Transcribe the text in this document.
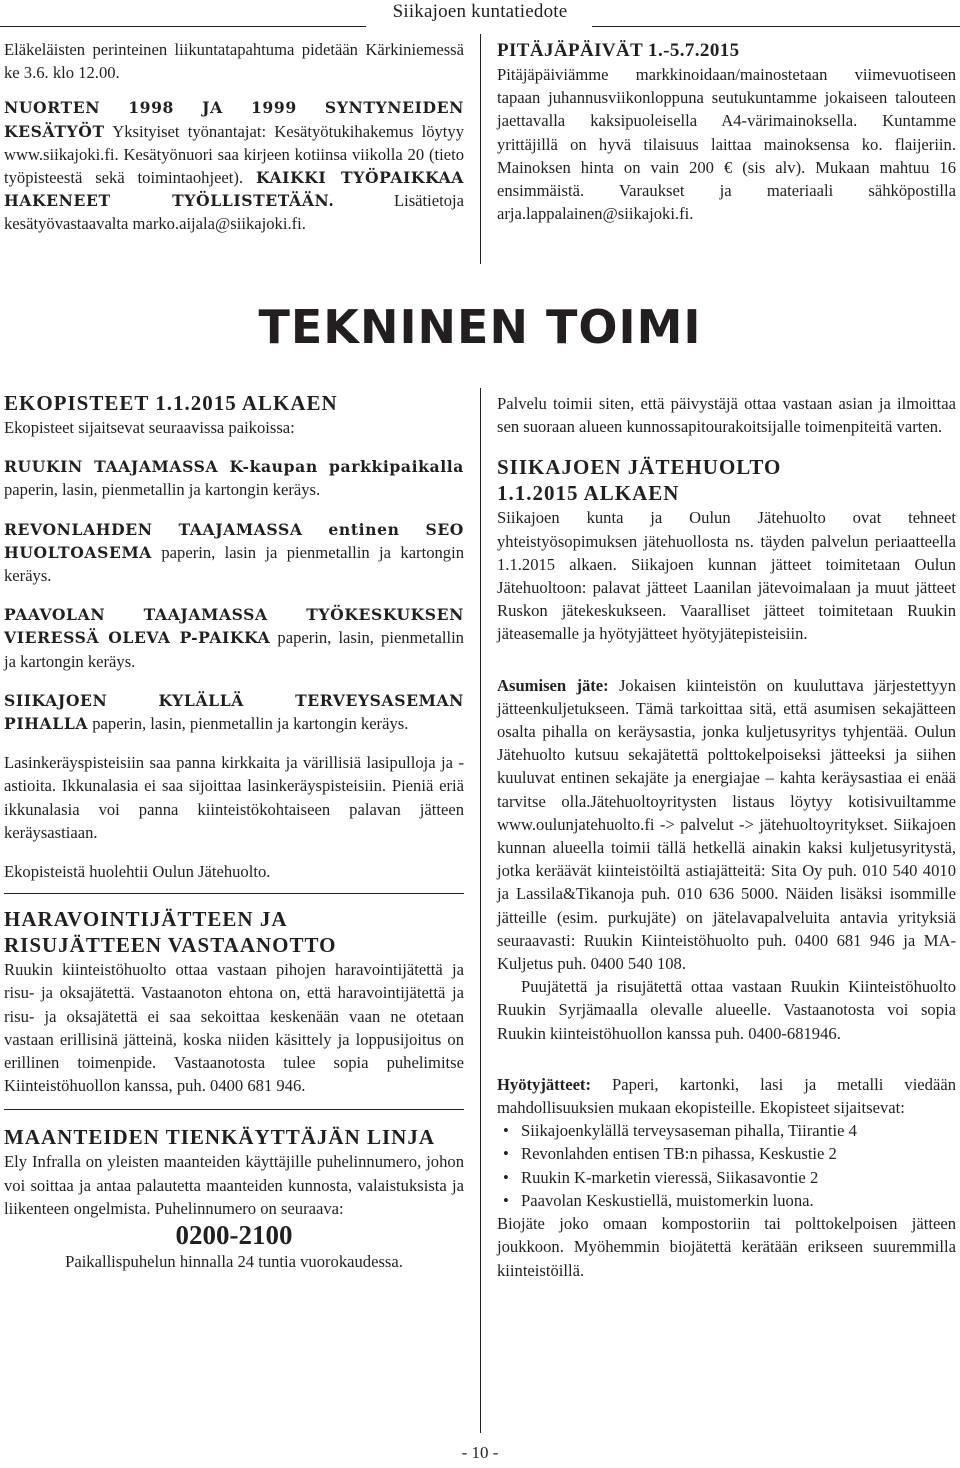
Siikajoen kuntatiedote

Eläkeläisten perinteinen liikuntatapahtuma pidetään Kärkiniemessä ke 3.6. klo 12.00.

NUORTEN 1998 JA 1999 SYNTYNEIDEN KESÄTYÖT Yksityiset työnantajat: Kesätyötukihakemus löytyy www.siikajoki.fi. Kesätyönuori saa kirjeen kotiinsa viikolla 20 (tieto työpisteestä sekä toimintaohjeet). KAIKKI TYÖPAIKKAA HAKENEET TYÖLLISTETÄÄN. Lisätietoja kesätyövastaavalta marko.aijala@siikajoki.fi.

PITÄJÄPÄIVÄT 1.-5.7.2015

Pitäjäpäiviämme markkinoidaan/mainostetaan viimevuotiseen tapaan juhannusviikonloppuna seutukuntamme jokaiseen talouteen jaettavalla kaksipuoleisella A4-värimainoksella. Kuntamme yrittäjillä on hyvä tilaisuus laittaa mainoksensa ko. flaijeriin. Mainoksen hinta on vain 200 € (sis alv). Mukaan mahtuu 16 ensimmäistä. Varaukset ja materiaali sähköpostilla arja.lappalainen@siikajoki.fi.

TEKNINEN TOIMI

EKOPISTEET 1.1.2015 ALKAEN

Ekopisteet sijaitsevat seuraavissa paikoissa:

RUUKIN TAAJAMASSA K-kaupan parkkipaikalla paperin, lasin, pienmetallin ja kartongin keräys.

REVONLAHDEN TAAJAMASSA entinen SEO HUOLTOASEMA paperin, lasin ja pienmetallin ja kartongin keräys.

PAAVOLAN TAAJAMASSA TYÖKESKUKSEN VIERESSÄ OLEVA P-PAIKKA paperin, lasin, pienmetallin ja kartongin keräys.

SIIKAJOEN KYLÄLLÄ TERVEYSASEMAN PIHALLA paperin, lasin, pienmetallin ja kartongin keräys.

Lasinkeräyspisteisiin saa panna kirkkaita ja värillisiä lasipulloja ja -astioita. Ikkunalasia ei saa sijoittaa lasinkeräyspisteisiin. Pieniä eriä ikkunalasia voi panna kiinteistökohtaiseen palavan jätteen keräysastiaan.

Ekopisteistä huolehtii Oulun Jätehuolto.

HARAVOINTIJÄTTEEN JA

RISUJÄTTEEN VASTAANOTTO

Ruukin kiinteistöhuolto ottaa vastaan pihojen haravointijätettä ja risu- ja oksajätettä. Vastaanoton ehtona on, että haravointijätettä ja risu- ja oksajätettä ei saa sekoittaa keskenään vaan ne otetaan vastaan erillisinä jätteinä, koska niiden käsittely ja loppusijoitus on erillinen toimenpide. Vastaanotosta tulee sopia puhelimitse Kiinteistöhuollon kanssa, puh. 0400 681 946.

MAANTEIDEN TIENKÄYTTÄJÄN LINJA

Ely Infralla on yleisten maanteiden käyttäjille puhelinnumero, johon voi soittaa ja antaa palautetta maanteiden kunnosta, valaistuksista ja liikenteen ongelmista. Puhelinnumero on seuraava:

0200-2100

Paikallispuhelun hinnalla 24 tuntia vuorokaudessa.

Palvelu toimii siten, että päivystäjä ottaa vastaan asian ja ilmoittaa sen suoraan alueen kunnossapitourakoitsijalle toimenpiteitä varten.

SIIKAJOEN JÄTEHUOLTO

1.1.2015 ALKAEN

Siikajoen kunta ja Oulun Jätehuolto ovat tehneet yhteistyösopimuksen jätehuollosta ns. täyden palvelun periaatteella 1.1.2015 alkaen. Siikajoen kunnan jätteet toimitetaan Oulun Jätehuoltoon: palavat jätteet Laanilan jätevoimalaan ja muut jätteet Ruskon jätekeskukseen. Vaaralliset jätteet toimitetaan Ruukin jäteasemalle ja hyötyjätteet hyötyjätepisteisiin.

Asumisen jäte: Jokaisen kiinteistön on kuuluttava järjestettyyn jätteenkuljetukseen. Tämä tarkoittaa sitä, että asumisen sekajätteen osalta pihalla on keräysastia, jonka kuljetusyritys tyhjentää. Oulun Jätehuolto kutsuu sekajätettä polttokelpoiseksi jätteeksi ja siihen kuuluvat entinen sekajäte ja energiajae – kahta keräysastiaa ei enää tarvitse olla.Jätehuoltoyritysten listaus löytyy kotisivuiltamme www.oulunjatehuolto.fi -> palvelut -> jätehuoltoyritykset. Siikajoen kunnan alueella toimii tällä hetkellä ainakin kaksi kuljetusyritystä, jotka keräävät kiinteistöiltä astiajätteitä: Sita Oy puh. 010 540 4010 ja Lassila&Tikanoja puh. 010 636 5000. Näiden lisäksi isommille jätteille (esim. purkujäte) on jätelavapalveluita antavia yrityksiä seuraavasti: Ruukin Kiinteistöhuolto puh. 0400 681 946 ja MA-Kuljetus puh. 0400 540 108.

Puujätettä ja risujätettä ottaa vastaan Ruukin Kiinteistöhuolto Ruukin Syrjämaalla olevalle alueelle. Vastaanotosta voi sopia Ruukin kiinteistöhuollon kanssa puh. 0400-681946.

Hyötyjätteet: Paperi, kartonki, lasi ja metalli viedään mahdollisuuksien mukaan ekopisteille. Ekopisteet sijaitsevat:

• Siikajoenkylällä terveysaseman pihalla, Tiirantie 4
• Revonlahden entisen TB:n pihassa, Keskustie 2
• Ruukin K-marketin vieressä, Siikasavontie 2
• Paavolan Keskustiellä, muistomerkin luona.

Biojäte joko omaan kompostoriin tai polttokelpoisen jätteen joukkoon. Myöhemmin biojätettä kerätään erikseen suuremmilla kiinteistöillä.

- 10 -
